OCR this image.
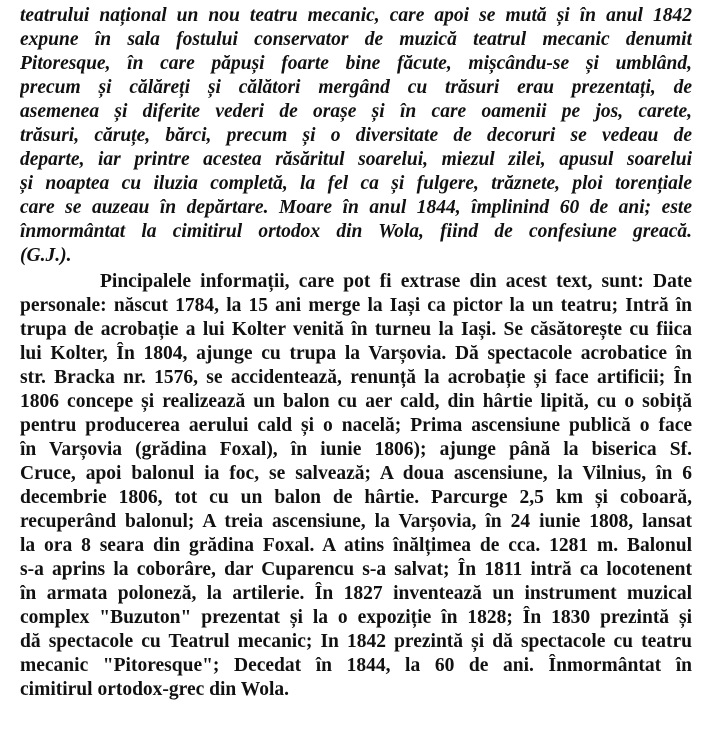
teatrului național un nou teatru mecanic, care apoi se mută și în anul 1842
expune în sala fostului conservator de muzică teatrul mecanic denumit
Pitoresque, în care păpuși foarte bine făcute, mișcându-se și umblând,
precum și călăreți și călători mergând cu trăsuri erau prezentați, de
asemenea și diferite vederi de orașe și în care oamenii pe jos, carete,
trăsuri, căruțe, bărci, precum și o diversitate de decoruri se vedeau de
departe, iar printre acestea răsăritul soarelui, miezul zilei, apusul soarelui
și noaptea cu iluzia completă, la fel ca și fulgere, trăznete, ploi torențiale
care se auzeau în depărtare. Moare în anul 1844, împlinind 60 de ani; este
înmormântat la cimitirul ortodox din Wola, fiind de confesiune greacă.
(G.J.).
Pincipalele informații, care pot fi extrase din acest text, sunt: Date
personale: născut 1784, la 15 ani merge la Iași ca pictor la un teatru; Intră în
trupa de acrobație a lui Kolter venită în turneu la Iași. Se căsătorește cu fiica
lui Kolter, În 1804, ajunge cu trupa la Varșovia. Dă spectacole acrobatice în
str. Bracka nr. 1576, se accidentează, renunță la acrobație și face artificii; În
1806 concepe și realizează un balon cu aer cald, din hârtie lipită, cu o sobiță
pentru producerea aerului cald și o nacelă; Prima ascensiune publică o face
în Varșovia (grădina Foxal), în iunie 1806); ajunge până la biserica Sf.
Cruce, apoi balonul ia foc, se salvează; A doua ascensiune, la Vilnius, în 6
decembrie 1806, tot cu un balon de hârtie. Parcurge 2,5 km și coboară,
recuperând balonul; A treia ascensiune, la Varșovia, în 24 iunie 1808, lansat
la ora 8 seara din grădina Foxal. A atins înălțimea de cca. 1281 m. Balonul
s-a aprins la coborâre, dar Cuparencu s-a salvat; În 1811 intră ca locotenent
în armata poloneză, la artilerie. În 1827 inventează un instrument muzical
complex "Buzuton" prezentat și la o expoziție în 1828; În 1830 prezintă și
dă spectacole cu Teatrul mecanic; In 1842 prezintă și dă spectacole cu teatru
mecanic "Pitoresque"; Decedat în 1844, la 60 de ani. Înmormântat în
cimitirul ortodox-grec din Wola.
